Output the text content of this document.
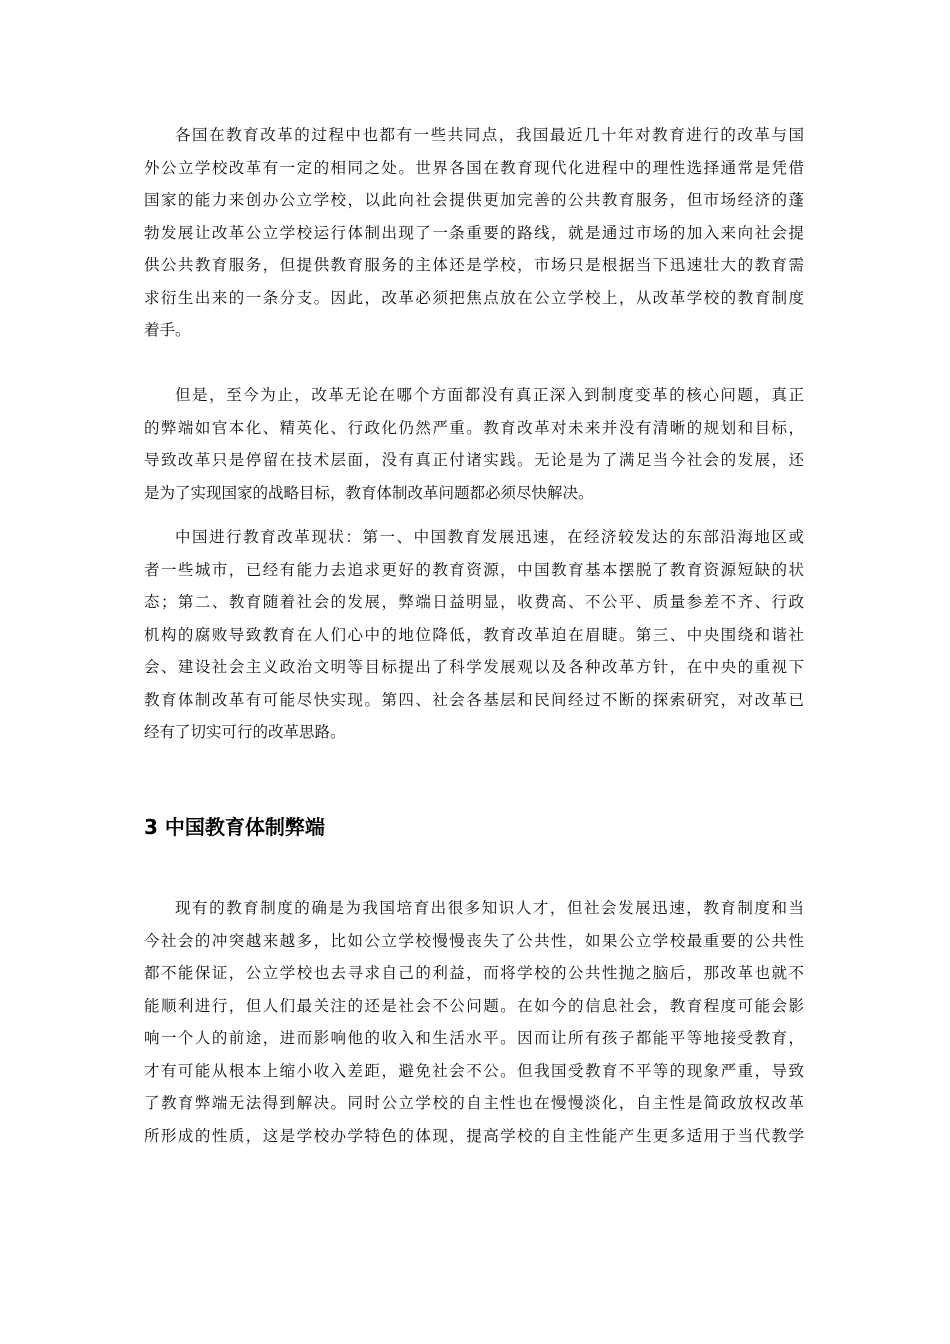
各国在教育改革的过程中也都有一些共同点，我国最近几十年对教育进行的改革与国
外公立学校改革有一定的相同之处。世界各国在教育现代化进程中的理性选择通常是凭借
国家的能力来创办公立学校，以此向社会提供更加完善的公共教育服务，但市场经济的蓬
勃发展让改革公立学校运行体制出现了一条重要的路线，就是通过市场的加入来向社会提
供公共教育服务，但提供教育服务的主体还是学校，市场只是根据当下迅速壮大的教育需
求衍生出来的一条分支。因此，改革必须把焦点放在公立学校上，从改革学校的教育制度
着手。
但是，至今为止，改革无论在哪个方面都没有真正深入到制度变革的核心问题，真正
的弊端如官本化、精英化、行政化仍然严重。教育改革对未来并没有清晰的规划和目标，
导致改革只是停留在技术层面，没有真正付诸实践。无论是为了满足当今社会的发展，还
是为了实现国家的战略目标，教育体制改革问题都必须尽快解决。
中国进行教育改革现状：第一、中国教育发展迅速，在经济较发达的东部沿海地区或
者一些城市，已经有能力去追求更好的教育资源，中国教育基本摆脱了教育资源短缺的状
态；第二、教育随着社会的发展，弊端日益明显，收费高、不公平、质量参差不齐、行政
机构的腐败导致教育在人们心中的地位降低，教育改革迫在眉睫。第三、中央围绕和谐社
会、建设社会主义政治文明等目标提出了科学发展观以及各种改革方针，在中央的重视下
教育体制改革有可能尽快实现。第四、社会各基层和民间经过不断的探索研究，对改革已
经有了切实可行的改革思路。
3 中国教育体制弊端
现有的教育制度的确是为我国培育出很多知识人才，但社会发展迅速，教育制度和当
今社会的冲突越来越多，比如公立学校慢慢丧失了公共性，如果公立学校最重要的公共性
都不能保证，公立学校也去寻求自己的利益，而将学校的公共性抛之脑后，那改革也就不
能顺利进行，但人们最关注的还是社会不公问题。在如今的信息社会，教育程度可能会影
响一个人的前途，进而影响他的收入和生活水平。因而让所有孩子都能平等地接受教育，
才有可能从根本上缩小收入差距，避免社会不公。但我国受教育不平等的现象严重，导致
了教育弊端无法得到解决。同时公立学校的自主性也在慢慢淡化，自主性是简政放权改革
所形成的性质，这是学校办学特色的体现，提高学校的自主性能产生更多适用于当代教学
